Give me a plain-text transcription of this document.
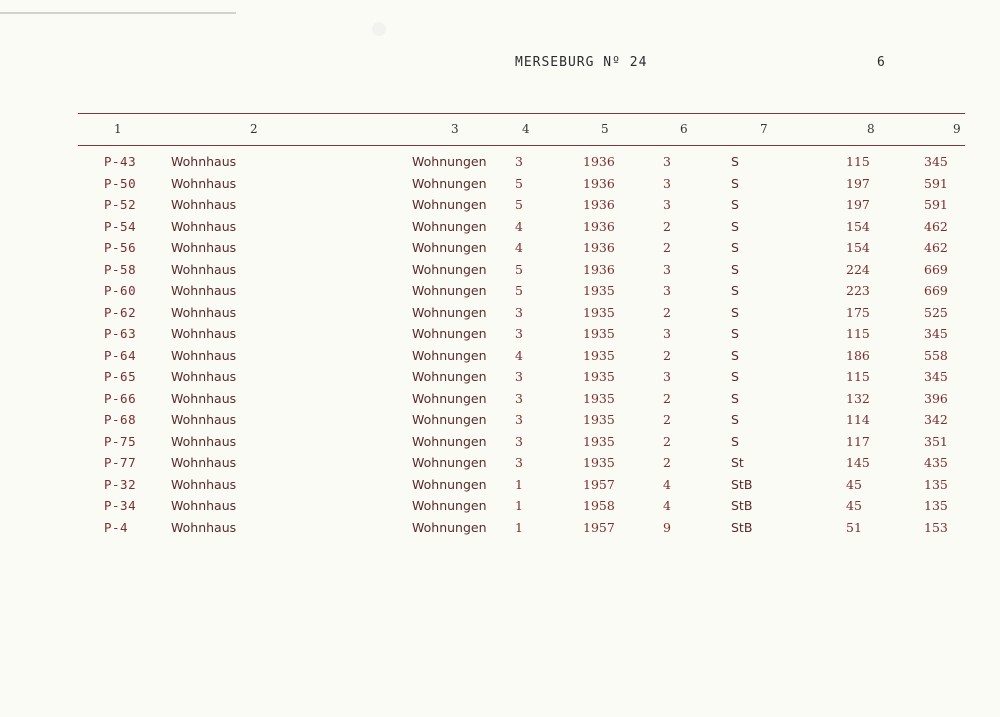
MERSEBURG Nº 24	6
1	2	3	4	5	6	7	8	9
P-43	Wohnhaus	Wohnungen 3	1936	3	S	115	345
P-50	Wohnhaus	Wohnungen 5	1936	3	S	197	591
P-52	Wohnhaus	Wohnungen 5	1936	3	S	197	591
P-54	Wohnhaus	Wohnungen 4	1936	2	S	154	462
P-56	Wohnhaus	Wohnungen 4	1936	2	S	154	462
P-58	Wohnhaus	Wohnungen 5	1936	3	S	224	669
P-60	Wohnhaus	Wohnungen 5	1935	3	S	223	669
P-62	Wohnhaus	Wohnungen 3	1935	2	S	175	525
P-63	Wohnhaus	Wohnungen 3	1935	3	S	115	345
P-64	Wohnhaus	Wohnungen 4	1935	2	S	186	558
P-65	Wohnhaus	Wohnungen 3	1935	3	S	115	345
P-66	Wohnhaus	Wohnungen 3	1935	2	S	132	396
P-68	Wohnhaus	Wohnungen 3	1935	2	S	114	342
P-75	Wohnhaus	Wohnungen 3	1935	2	S	117	351
P-77	Wohnhaus	Wohnungen 3	1935	2	St	145	435
P-32	Wohnhaus	Wohnungen 1	1957	4	StB	45	135
P-34	Wohnhaus	Wohnungen 1	1958	4	StB	45	135
P-4	Wohnhaus	Wohnungen 1	1957	9	StB	51	153
